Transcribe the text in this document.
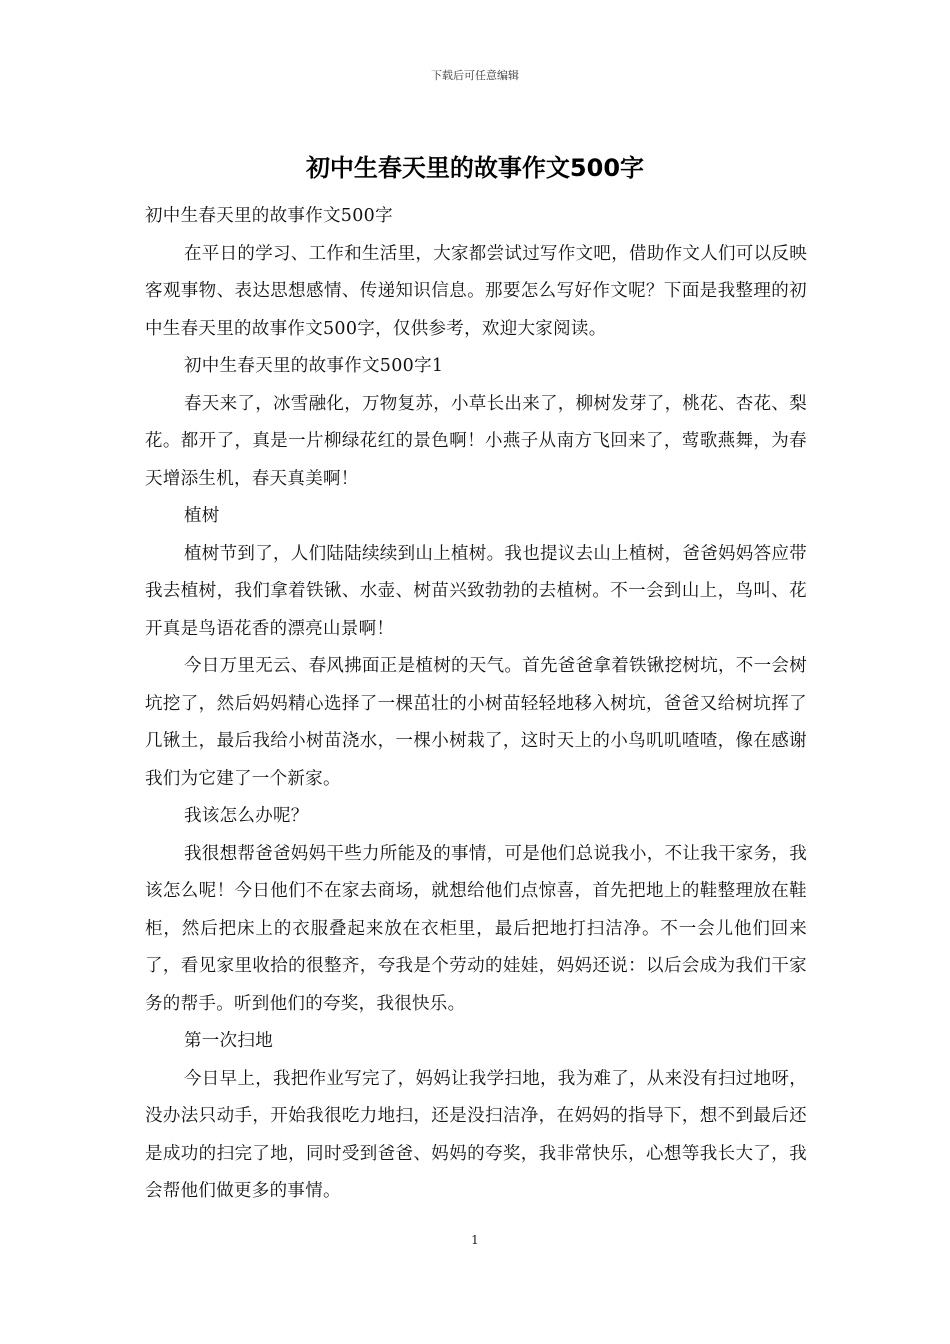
下载后可任意编辑
初中生春天里的故事作文500字

初中生春天里的故事作文500字

在平日的学习、工作和生活里，大家都尝试过写作文吧，借助作文人们可以反映客观事物、表达思想感情、传递知识信息。那要怎么写好作文呢？下面是我整理的初中生春天里的故事作文500字，仅供参考，欢迎大家阅读。

初中生春天里的故事作文500字1

春天来了，冰雪融化，万物复苏，小草长出来了，柳树发芽了，桃花、杏花、梨花。都开了，真是一片柳绿花红的景色啊！小燕子从南方飞回来了，莺歌燕舞，为春天增添生机，春天真美啊！

植树

植树节到了，人们陆陆续续到山上植树。我也提议去山上植树，爸爸妈妈答应带我去植树，我们拿着铁锹、水壶、树苗兴致勃勃的去植树。不一会到山上，鸟叫、花开真是鸟语花香的漂亮山景啊！

今日万里无云、春风拂面正是植树的天气。首先爸爸拿着铁锹挖树坑，不一会树坑挖了，然后妈妈精心选择了一棵茁壮的小树苗轻轻地移入树坑，爸爸又给树坑挥了几锹土，最后我给小树苗浇水，一棵小树栽了，这时天上的小鸟叽叽喳喳，像在感谢我们为它建了一个新家。

我该怎么办呢？

我很想帮爸爸妈妈干些力所能及的事情，可是他们总说我小，不让我干家务，我该怎么呢！今日他们不在家去商场，就想给他们点惊喜，首先把地上的鞋整理放在鞋柜，然后把床上的衣服叠起来放在衣柜里，最后把地打扫洁净。不一会儿他们回来了，看见家里收拾的很整齐，夸我是个劳动的娃娃，妈妈还说：以后会成为我们干家务的帮手。听到他们的夸奖，我很快乐。

第一次扫地

今日早上，我把作业写完了，妈妈让我学扫地，我为难了，从来没有扫过地呀，没办法只动手，开始我很吃力地扫，还是没扫洁净，在妈妈的指导下，想不到最后还是成功的扫完了地，同时受到爸爸、妈妈的夸奖，我非常快乐，心想等我长大了，我会帮他们做更多的事情。

1
